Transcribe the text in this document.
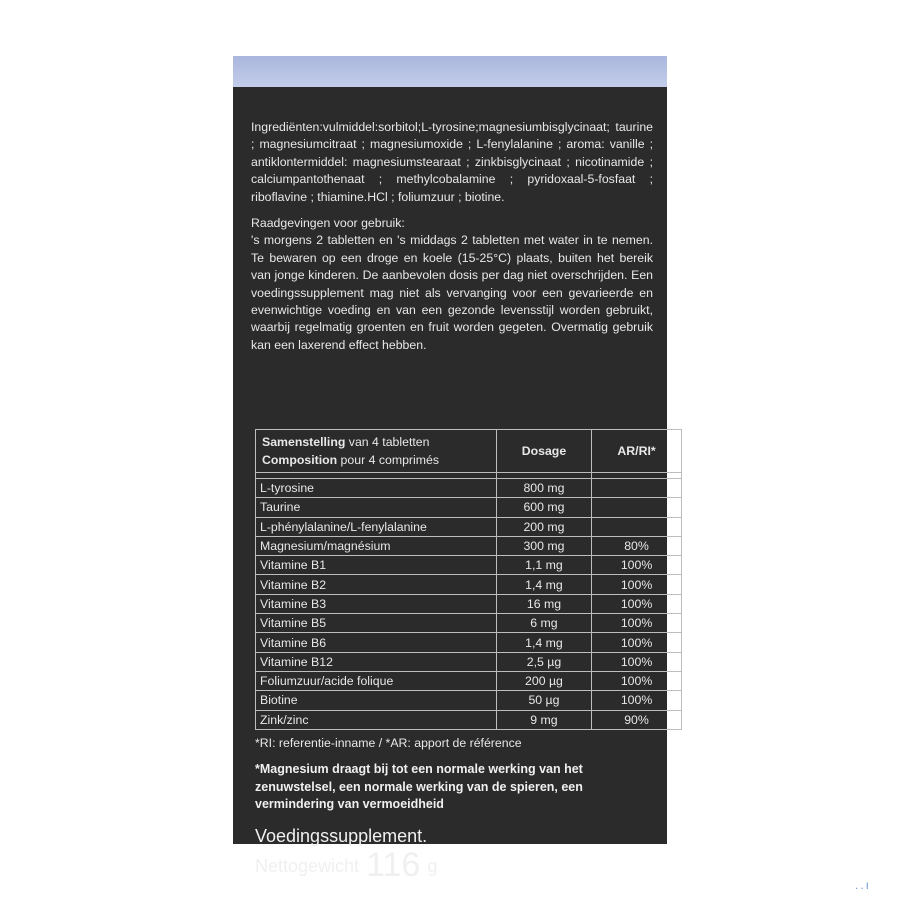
Ingrediënten:vulmiddel:sorbitol;L-tyrosine;magnesiumbisglycinaat; taurine ; magnesiumcitraat ; magnesiumoxide ; L-fenylalanine ; aroma: vanille ; antiklontermiddel: magnesiumstearaat ; zinkbisglycinaat ; nicotinamide ; calciumpantothenaat ; methylcobalamine ; pyridoxaal-5-fosfaat ; riboflavine ; thiamine.HCl ; foliumzuur ; biotine.

Raadgevingen voor gebruik:

's morgens 2 tabletten en 's middags 2 tabletten met water in te nemen. Te bewaren op een droge en koele (15-25°C) plaats, buiten het bereik van jonge kinderen. De aanbevolen dosis per dag niet overschrijden. Een voedingssupplement mag niet als vervanging voor een gevarieerde en evenwichtige voeding en van een gezonde levensstijl worden gebruikt, waarbij regelmatig groenten en fruit worden gegeten. Overmatig gebruik kan een laxerend effect hebben.

Samenstelling van 4 tabletten
Composition pour 4 comprimés	Dosage	AR/RI*

L-tyrosine	800 mg	
Taurine	600 mg	
L-phénylalanine/L-fenylalanine	200 mg	
Magnesium/magnésium	300 mg	80%
Vitamine B1	1,1 mg	100%
Vitamine B2	1,4 mg	100%
Vitamine B3	16 mg	100%
Vitamine B5	6 mg	100%
Vitamine B6	1,4 mg	100%
Vitamine B12	2,5 µg	100%
Foliumzuur/acide folique	200 µg	100%
Biotine	50 µg	100%
Zink/zinc	9 mg	90%
*RI: referentie-inname / *AR: apport de référence
*Magnesium draagt bij tot een normale werking van het zenuwstelsel, een normale werking van de spieren, een vermindering van vermoeidheid
Voedingssupplement.
Nettogewicht 116 g
..ı
